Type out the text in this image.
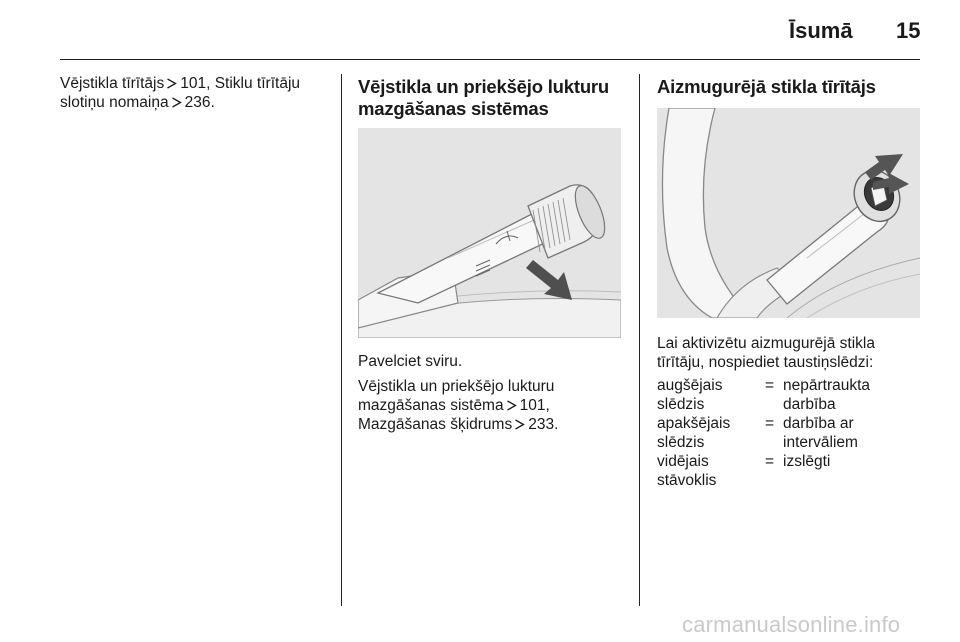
Īsumā 15

Vējstikla tīrītājs 101, Stiklu tīrītāju slotiņu nomaiņa 236.

Vējstikla un priekšējo lukturu mazgāšanas sistēmas

Pavelciet sviru.

Vējstikla un priekšējo lukturu mazgāšanas sistēma 101,
Mazgāšanas šķidrums 233.

Aizmugurējā stikla tīrītājs

Lai aktivizētu aizmugurējā stikla tīrītāju, nospiediet taustiņslēdzi:

augšējais
slēdzis
= nepārtraukta
darbība
apakšējais
slēdzis
= darbība ar
intervāliem
vidējais
stāvoklis
= izslēgti
carmanualsonline.info
